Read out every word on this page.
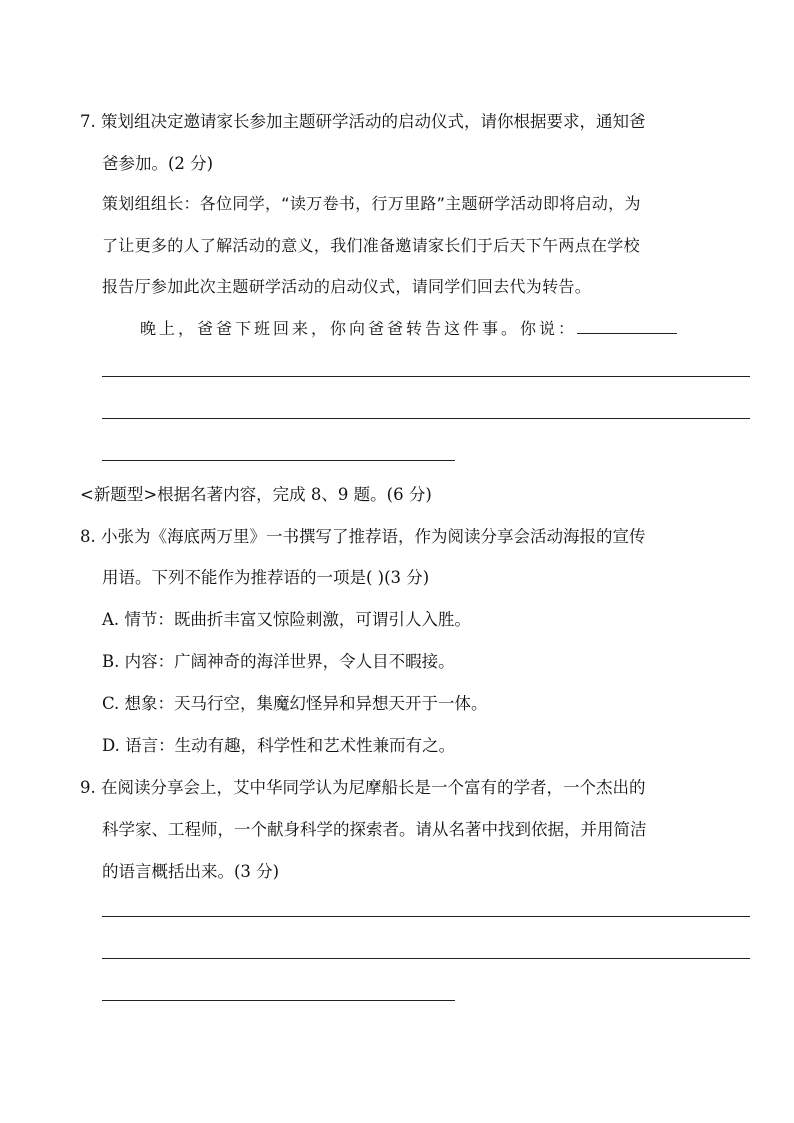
7. 策划组决定邀请家长参加主题研学活动的启动仪式，请你根据要求，通知爸
爸参加。(2 分)
策划组组长：各位同学，“读万卷书，行万里路”主题研学活动即将启动，为
了让更多的人了解活动的意义，我们准备邀请家长们于后天下午两点在学校
报告厅参加此次主题研学活动的启动仪式，请同学们回去代为转告。
晚上，爸爸下班回来，你向爸爸转告这件事。你说：
<新题型>根据名著内容，完成 8、9 题。(6 分)
8. 小张为《海底两万里》一书撰写了推荐语，作为阅读分享会活动海报的宣传
用语。下列不能作为推荐语的一项是( )(3 分)
A. 情节：既曲折丰富又惊险刺激，可谓引人入胜。
B. 内容：广阔神奇的海洋世界，令人目不暇接。
C. 想象：天马行空，集魔幻怪异和异想天开于一体。
D. 语言：生动有趣，科学性和艺术性兼而有之。
9. 在阅读分享会上，艾中华同学认为尼摩船长是一个富有的学者，一个杰出的
科学家、工程师，一个献身科学的探索者。请从名著中找到依据，并用简洁
的语言概括出来。(3 分)
